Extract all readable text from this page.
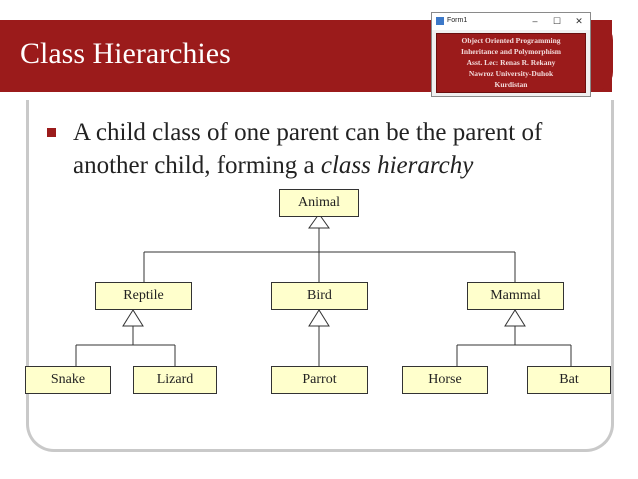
Class Hierarchies
A child class of one parent can be the parent of another child, forming a class hierarchy
Form1	–	☐	✕
Object Oriented Programming
Inheritance and Polymorphism
Asst. Lec: Renas R. Rekany
Nawroz University-Duhok
Kurdistan
Animal
Reptile	Bird	Mammal
Snake	Lizard	Parrot	Horse	Bat
